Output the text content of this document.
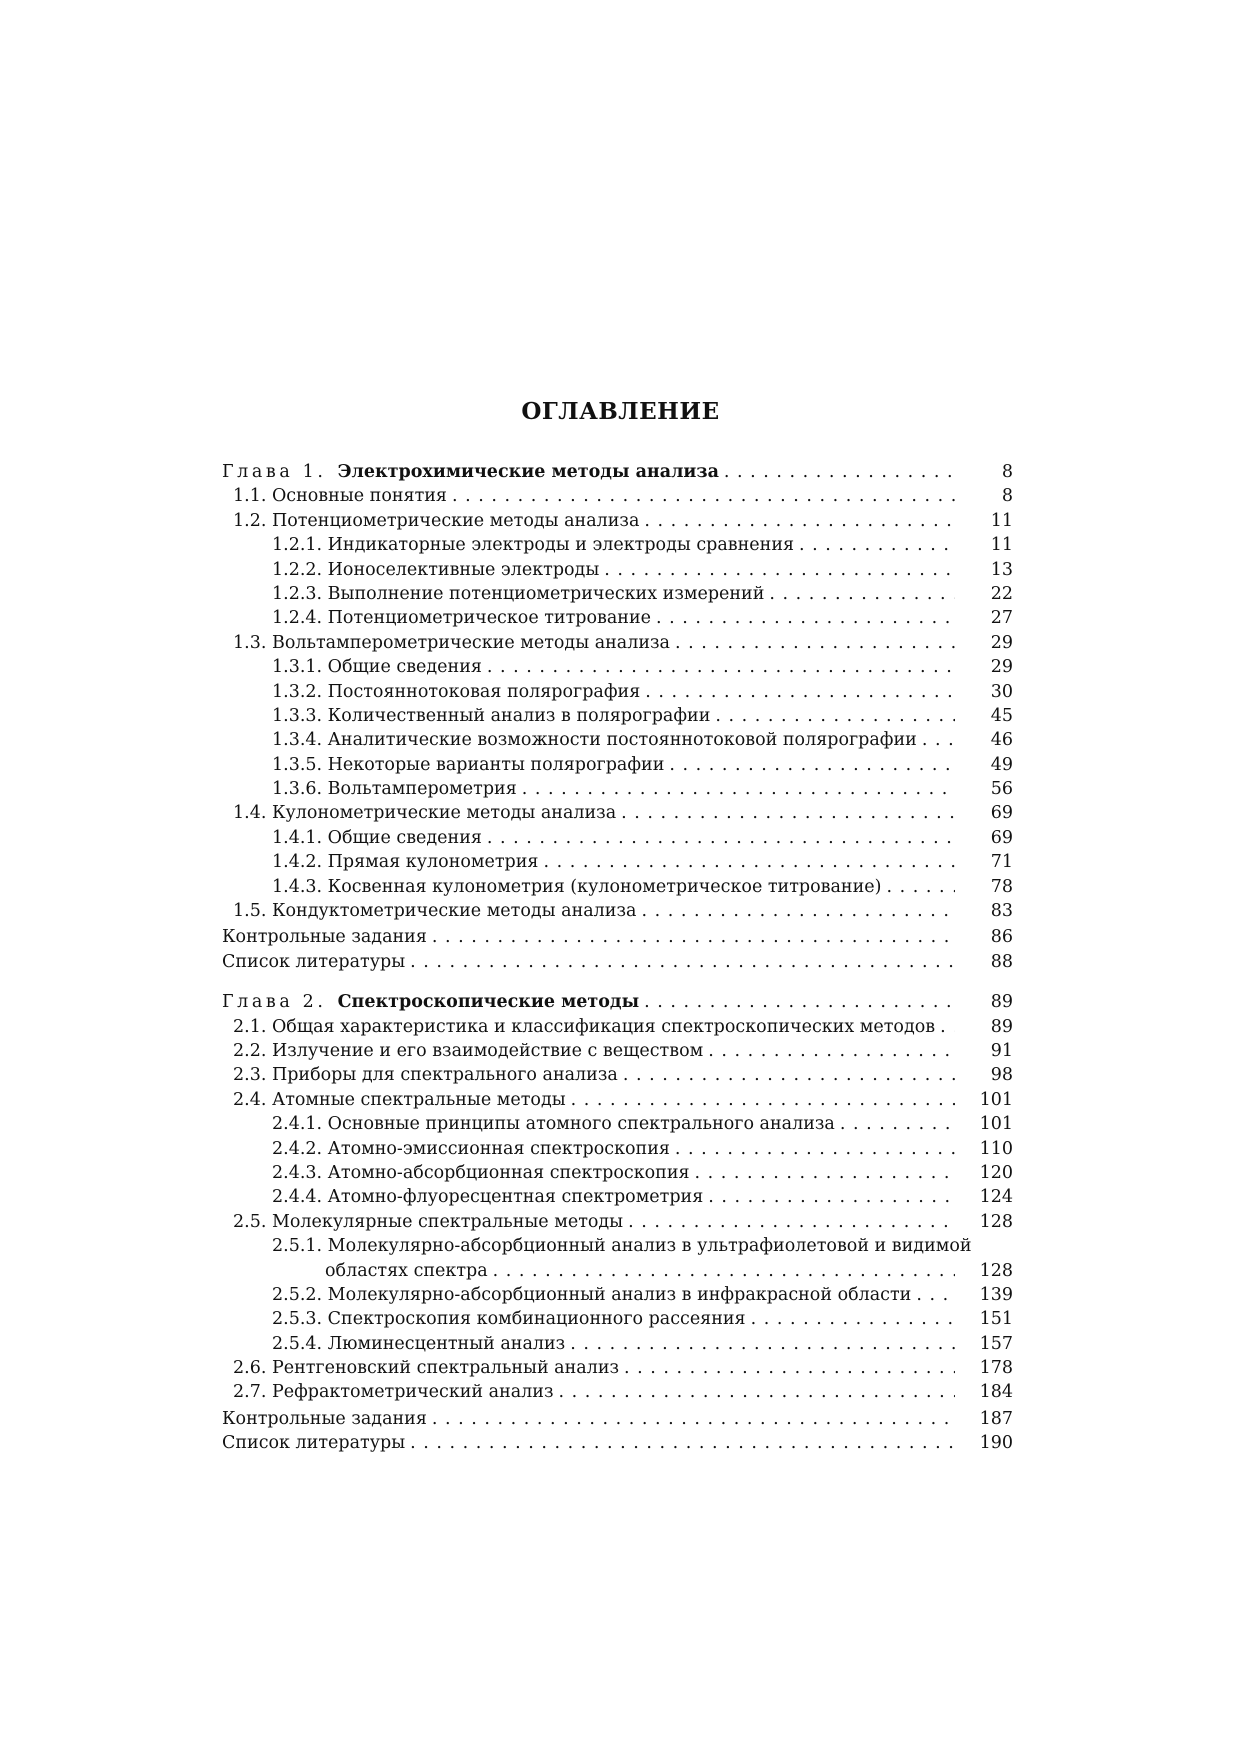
ОГЛАВЛЕНИЕ
Глава 1. Электрохимические методы анализа . . .	8
1.1. Основные понятия . . .	8
1.2. Потенциометрические методы анализа . . .	11
1.2.1. Индикаторные электроды и электроды сравнения . . .	11
1.2.2. Ионоселективные электроды . . .	13
1.2.3. Выполнение потенциометрических измерений . . .	22
1.2.4. Потенциометрическое титрование . . .	27
1.3. Вольтамперометрические методы анализа . . .	29
1.3.1. Общие сведения . . .	29
1.3.2. Постояннотоковая полярография . . .	30
1.3.3. Количественный анализ в полярографии . . .	45
1.3.4. Аналитические возможности постояннотоковой полярографии . . .	46
1.3.5. Некоторые варианты полярографии . . .	49
1.3.6. Вольтамперометрия . . .	56
1.4. Кулонометрические методы анализа . . .	69
1.4.1. Общие сведения . . .	69
1.4.2. Прямая кулонометрия . . .	71
1.4.3. Косвенная кулонометрия (кулонометрическое титрование) . . .	78
1.5. Кондуктометрические методы анализа . . .	83
Контрольные задания . . .	86
Список литературы . . .	88
Глава 2. Спектроскопические методы . . .	89
2.1. Общая характеристика и классификация спектроскопических методов . . .	89
2.2. Излучение и его взаимодействие с веществом . . .	91
2.3. Приборы для спектрального анализа . . .	98
2.4. Атомные спектральные методы . . .	101
2.4.1. Основные принципы атомного спектрального анализа . . .	101
2.4.2. Атомно-эмиссионная спектроскопия . . .	110
2.4.3. Атомно-абсорбционная спектроскопия . . .	120
2.4.4. Атомно-флуоресцентная спектрометрия . . .	124
2.5. Молекулярные спектральные методы . . .	128
2.5.1. Молекулярно-абсорбционный анализ в ультрафиолетовой и видимой
областях спектра . . .	128
2.5.2. Молекулярно-абсорбционный анализ в инфракрасной области . . .	139
2.5.3. Спектроскопия комбинационного рассеяния . . .	151
2.5.4. Люминесцентный анализ . . .	157
2.6. Рентгеновский спектральный анализ . . .	178
2.7. Рефрактометрический анализ . . .	184
Контрольные задания . . .	187
Список литературы . . .	190
